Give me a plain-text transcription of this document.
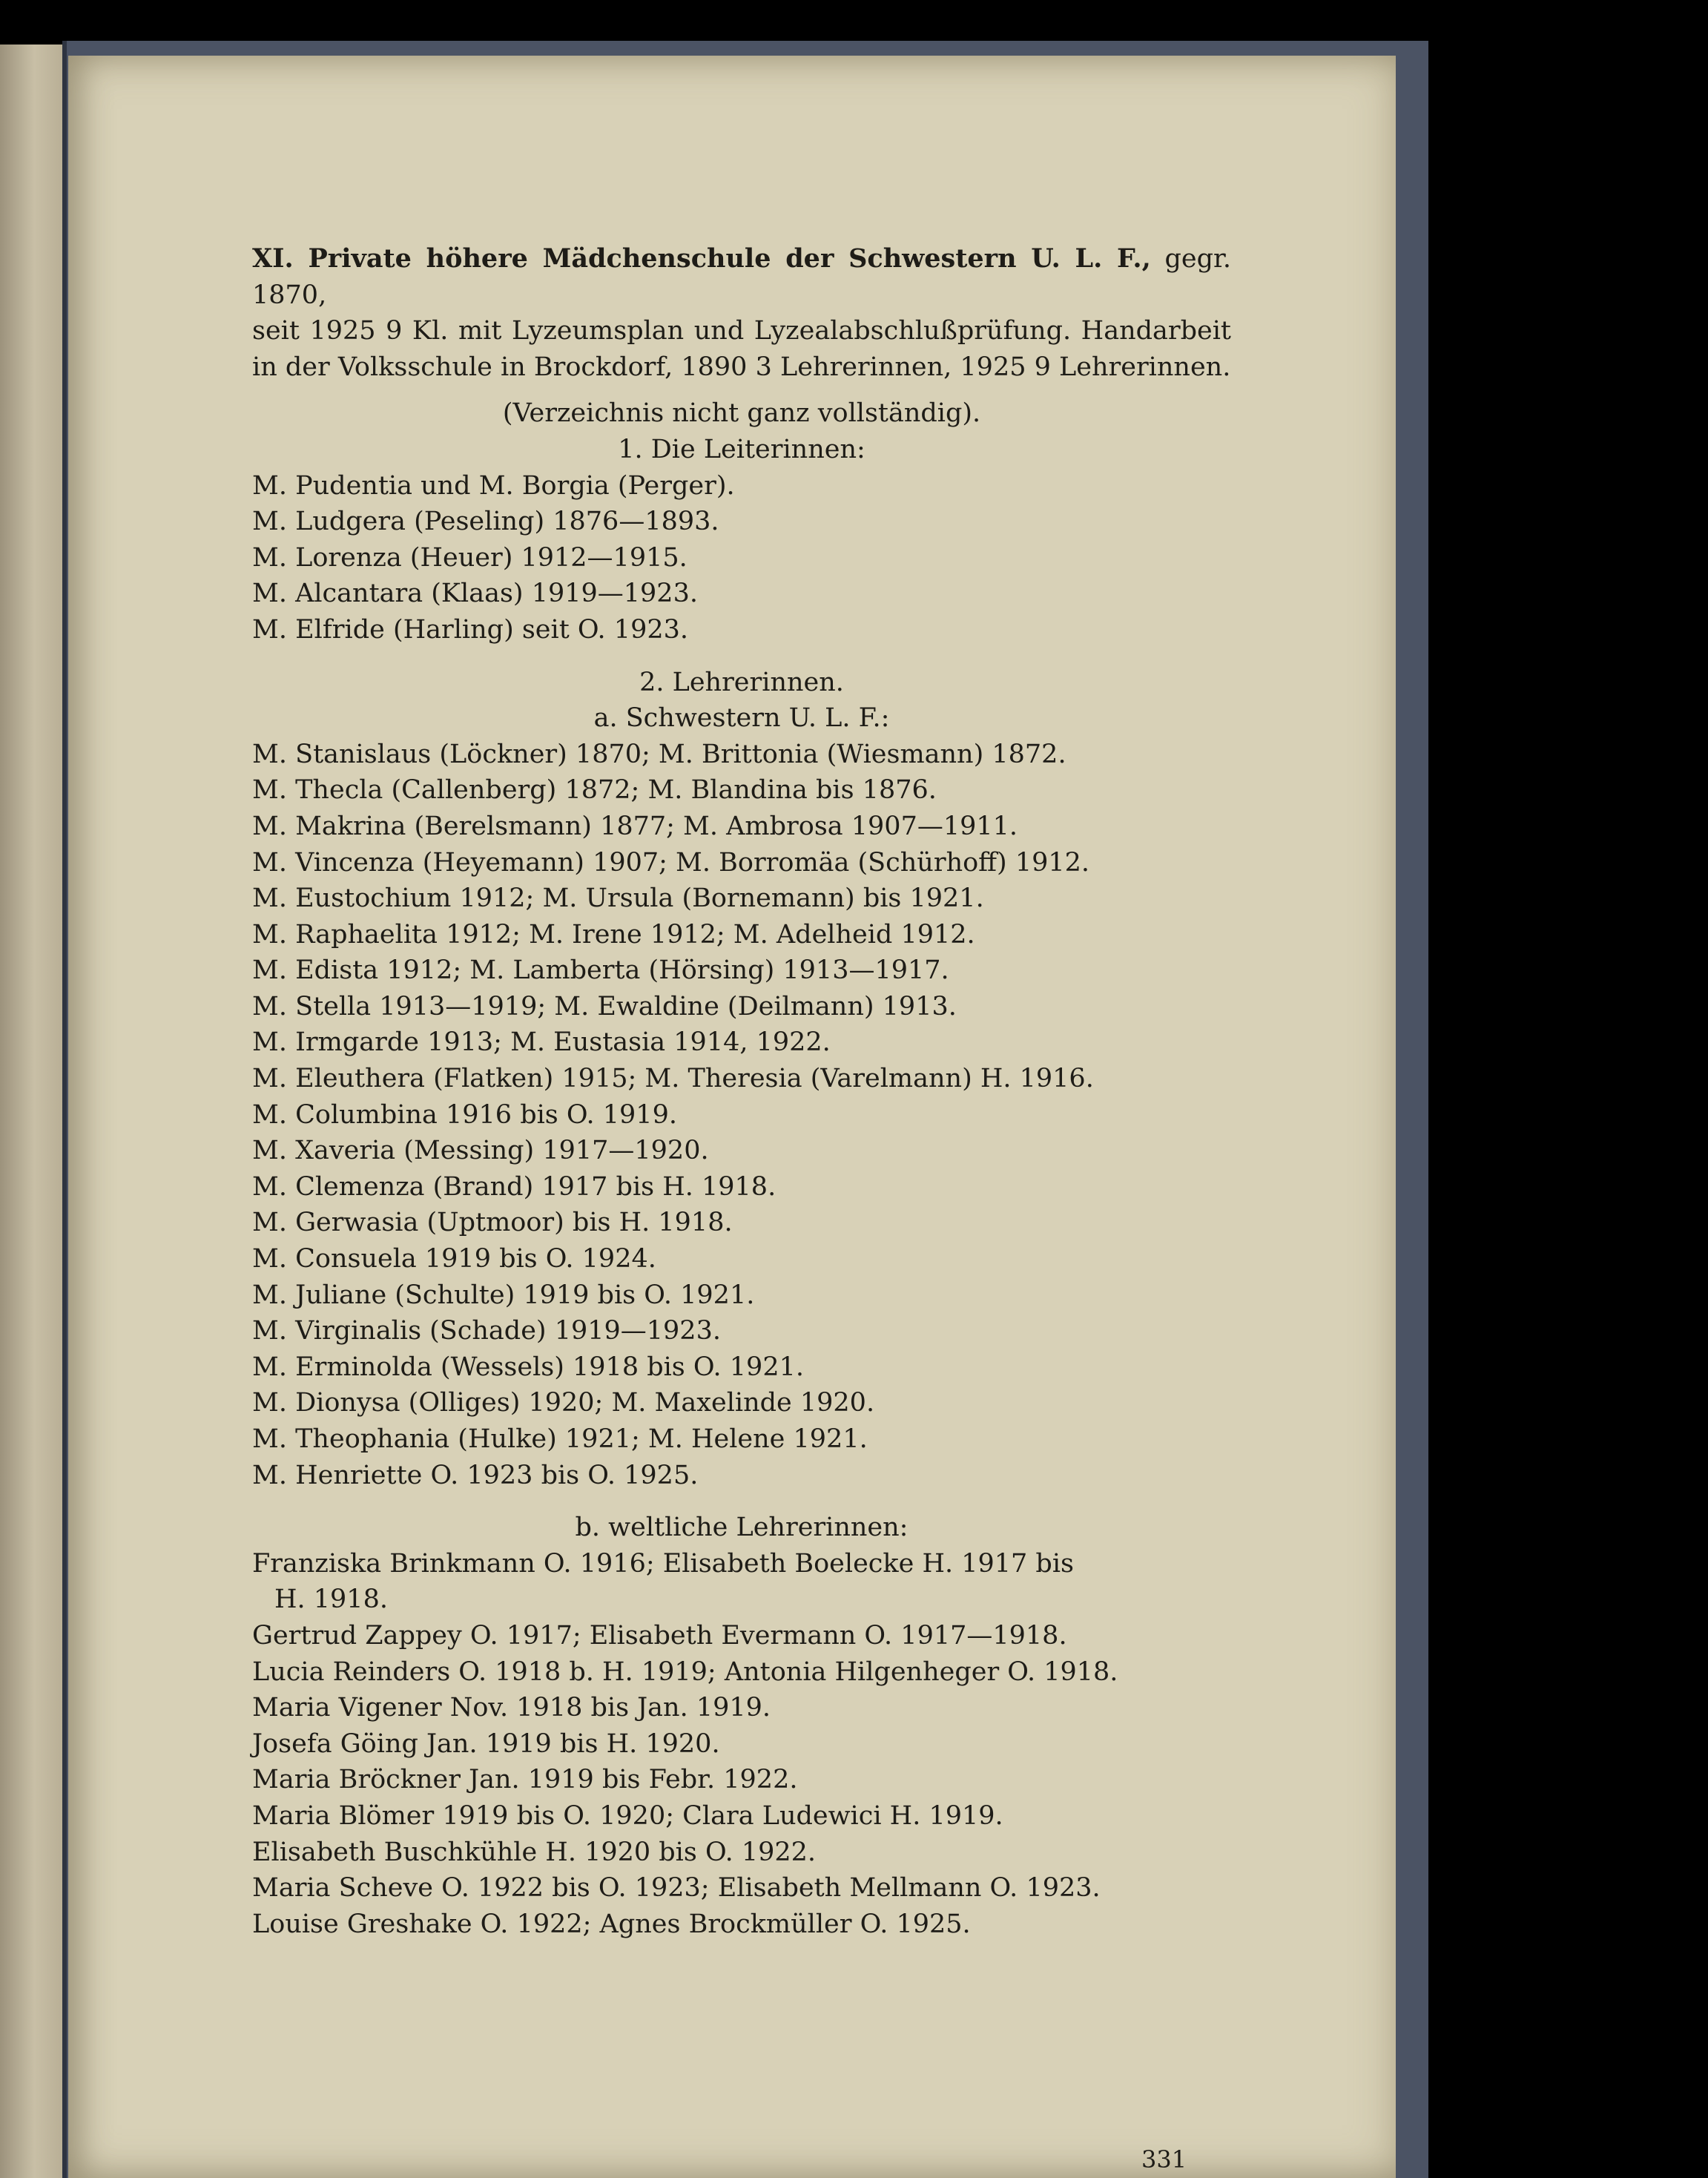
XI. Private höhere Mädchenschule der Schwestern U. L. F., gegr. 1870,

seit 1925 9 Kl. mit Lyzeumsplan und Lyzealabschlußprüfung. Handarbeit

in der Volksschule in Brockdorf, 1890 3 Lehrerinnen, 1925 9 Lehrerinnen.

(Verzeichnis nicht ganz vollständig).

1. Die Leiterinnen:

M. Pudentia und M. Borgia (Perger).
M. Ludgera (Peseling) 1876—1893.
M. Lorenza (Heuer) 1912—1915.
M. Alcantara (Klaas) 1919—1923.
M. Elfride (Harling) seit O. 1923.

2. Lehrerinnen.

a. Schwestern U. L. F.:

M. Stanislaus (Löckner) 1870; M. Brittonia (Wiesmann) 1872.
M. Thecla (Callenberg) 1872; M. Blandina bis 1876.
M. Makrina (Berelsmann) 1877; M. Ambrosa 1907—1911.
M. Vincenza (Heyemann) 1907; M. Borromäa (Schürhoff) 1912.
M. Eustochium 1912; M. Ursula (Bornemann) bis 1921.
M. Raphaelita 1912; M. Irene 1912; M. Adelheid 1912.
M. Edista 1912; M. Lamberta (Hörsing) 1913—1917.
M. Stella 1913—1919; M. Ewaldine (Deilmann) 1913.
M. Irmgarde 1913; M. Eustasia 1914, 1922.
M. Eleuthera (Flatken) 1915; M. Theresia (Varelmann) H. 1916.
M. Columbina 1916 bis O. 1919.
M. Xaveria (Messing) 1917—1920.
M. Clemenza (Brand) 1917 bis H. 1918.
M. Gerwasia (Uptmoor) bis H. 1918.
M. Consuela 1919 bis O. 1924.
M. Juliane (Schulte) 1919 bis O. 1921.
M. Virginalis (Schade) 1919—1923.
M. Erminolda (Wessels) 1918 bis O. 1921.
M. Dionysa (Olliges) 1920; M. Maxelinde 1920.
M. Theophania (Hulke) 1921; M. Helene 1921.
M. Henriette O. 1923 bis O. 1925.

b. weltliche Lehrerinnen:

Franziska Brinkmann O. 1916; Elisabeth Boelecke H. 1917 bis
H. 1918.
Gertrud Zappey O. 1917; Elisabeth Evermann O. 1917—1918.
Lucia Reinders O. 1918 b. H. 1919; Antonia Hilgenheger O. 1918.
Maria Vigener Nov. 1918 bis Jan. 1919.
Josefa Göing Jan. 1919 bis H. 1920.
Maria Bröckner Jan. 1919 bis Febr. 1922.
Maria Blömer 1919 bis O. 1920; Clara Ludewici H. 1919.
Elisabeth Buschkühle H. 1920 bis O. 1922.
Maria Scheve O. 1922 bis O. 1923; Elisabeth Mellmann O. 1923.
Louise Greshake O. 1922; Agnes Brockmüller O. 1925.
331
